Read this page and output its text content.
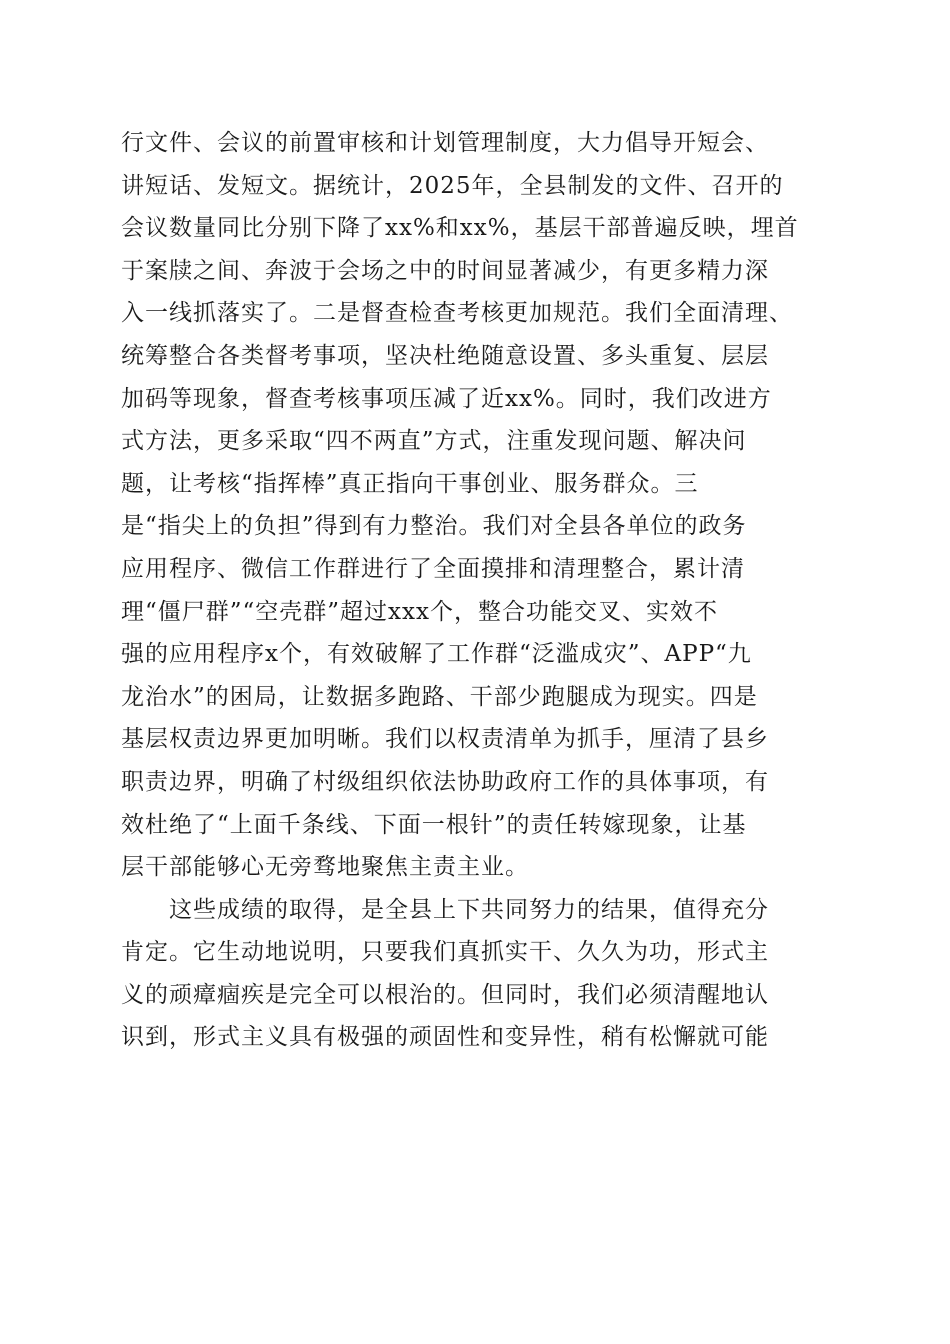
行文件、会议的前置审核和计划管理制度，大力倡导开短会、
讲短话、发短文。据统计，2025年，全县制发的文件、召开的
会议数量同比分别下降了xx%和xx%，基层干部普遍反映，埋首
于案牍之间、奔波于会场之中的时间显著减少，有更多精力深
入一线抓落实了。二是督查检查考核更加规范。我们全面清理、
统筹整合各类督考事项，坚决杜绝随意设置、多头重复、层层
加码等现象，督查考核事项压减了近xx%。同时，我们改进方
式方法，更多采取“四不两直”方式，注重发现问题、解决问
题，让考核“指挥棒”真正指向干事创业、服务群众。三
是“指尖上的负担”得到有力整治。我们对全县各单位的政务
应用程序、微信工作群进行了全面摸排和清理整合，累计清
理“僵尸群”“空壳群”超过xxx个，整合功能交叉、实效不
强的应用程序x个，有效破解了工作群“泛滥成灾”、APP“九
龙治水”的困局，让数据多跑路、干部少跑腿成为现实。四是
基层权责边界更加明晰。我们以权责清单为抓手，厘清了县乡
职责边界，明确了村级组织依法协助政府工作的具体事项，有
效杜绝了“上面千条线、下面一根针”的责任转嫁现象，让基
层干部能够心无旁骛地聚焦主责主业。
这些成绩的取得，是全县上下共同努力的结果，值得充分
肯定。它生动地说明，只要我们真抓实干、久久为功，形式主
义的顽瘴痼疾是完全可以根治的。但同时，我们必须清醒地认
识到，形式主义具有极强的顽固性和变异性，稍有松懈就可能
